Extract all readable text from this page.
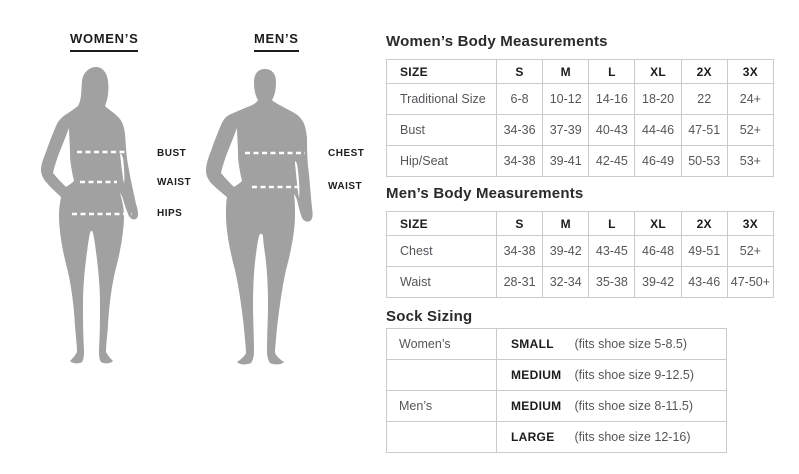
WOMEN’S	MEN’S
BUST
WAIST
HIPS
CHEST
WAIST
Women’s Body Measurements
SIZE	S	M	L	XL	2X	3X
Traditional Size	6-8	10-12	14-16	18-20	22	24+
Bust	34-36	37-39	40-43	44-46	47-51	52+
Hip/Seat	34-38	39-41	42-45	46-49	50-53	53+
Men’s Body Measurements
SIZE	S	M	L	XL	2X	3X
Chest	34-38	39-42	43-45	46-48	49-51	52+
Waist	28-31	32-34	35-38	39-42	43-46	47-50+
Sock Sizing
Women’s	SMALL (fits shoe size 5-8.5)
	MEDIUM (fits shoe size 9-12.5)
Men’s	MEDIUM (fits shoe size 8-11.5)
	LARGE (fits shoe size 12-16)
